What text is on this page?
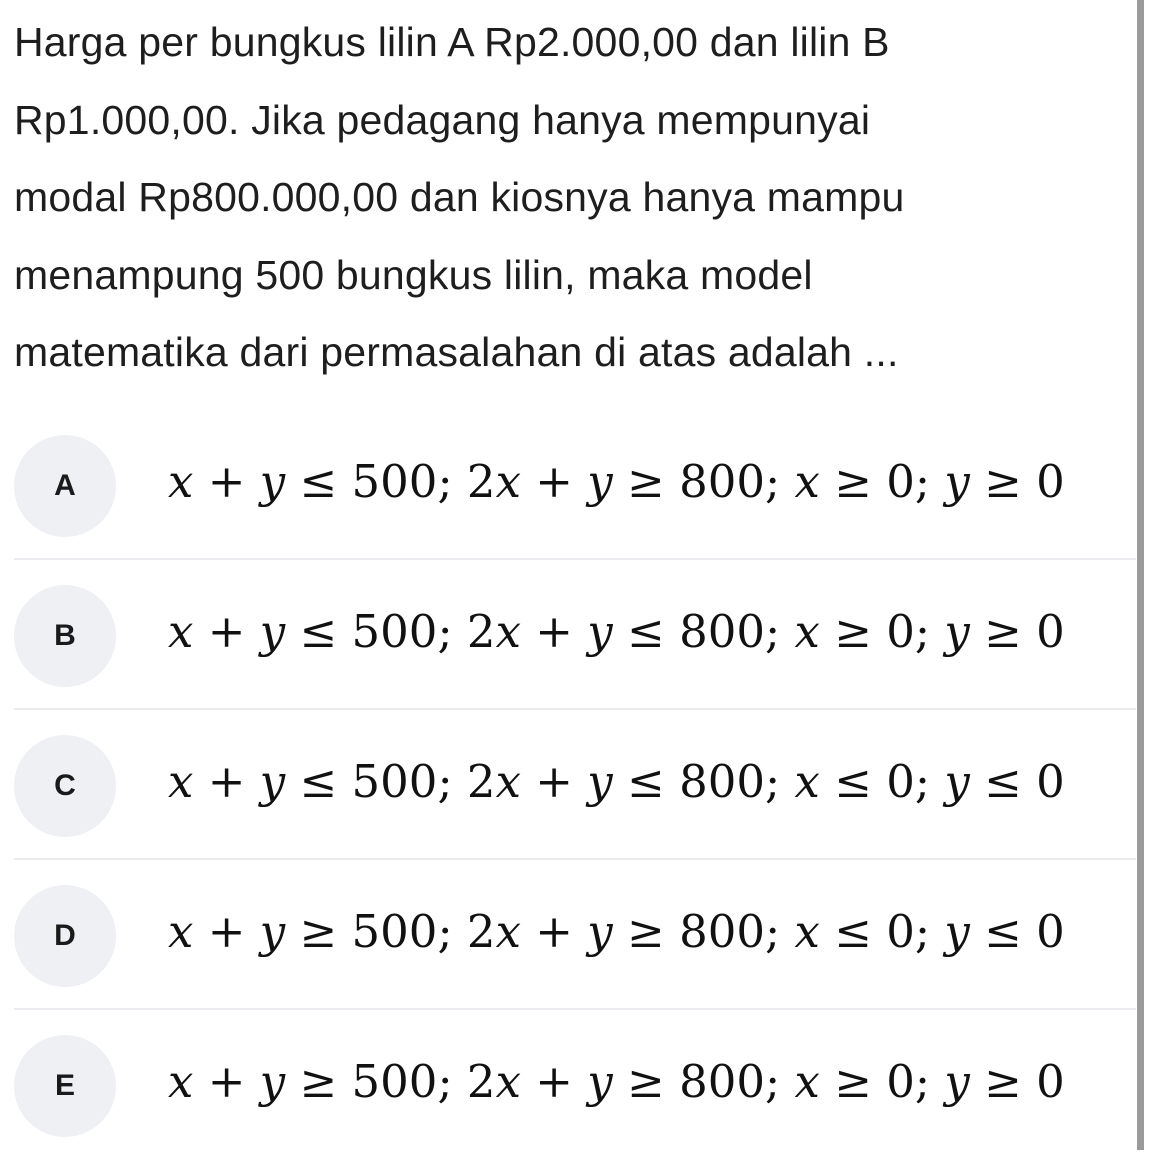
Harga per bungkus lilin A Rp2.000,00 dan lilin B
Rp1.000,00. Jika pedagang hanya mempunyai
modal Rp800.000,00 dan kiosnya hanya mampu
menampung 500 bungkus lilin, maka model
matematika dari permasalahan di atas adalah ...
A	x + y ≤ 500; 2x + y ≥ 800; x ≥ 0; y ≥ 0
B	x + y ≤ 500; 2x + y ≤ 800; x ≥ 0; y ≥ 0
C	x + y ≤ 500; 2x + y ≤ 800; x ≤ 0; y ≤ 0
D	x + y ≥ 500; 2x + y ≥ 800; x ≤ 0; y ≤ 0
E	x + y ≥ 500; 2x + y ≥ 800; x ≥ 0; y ≥ 0
